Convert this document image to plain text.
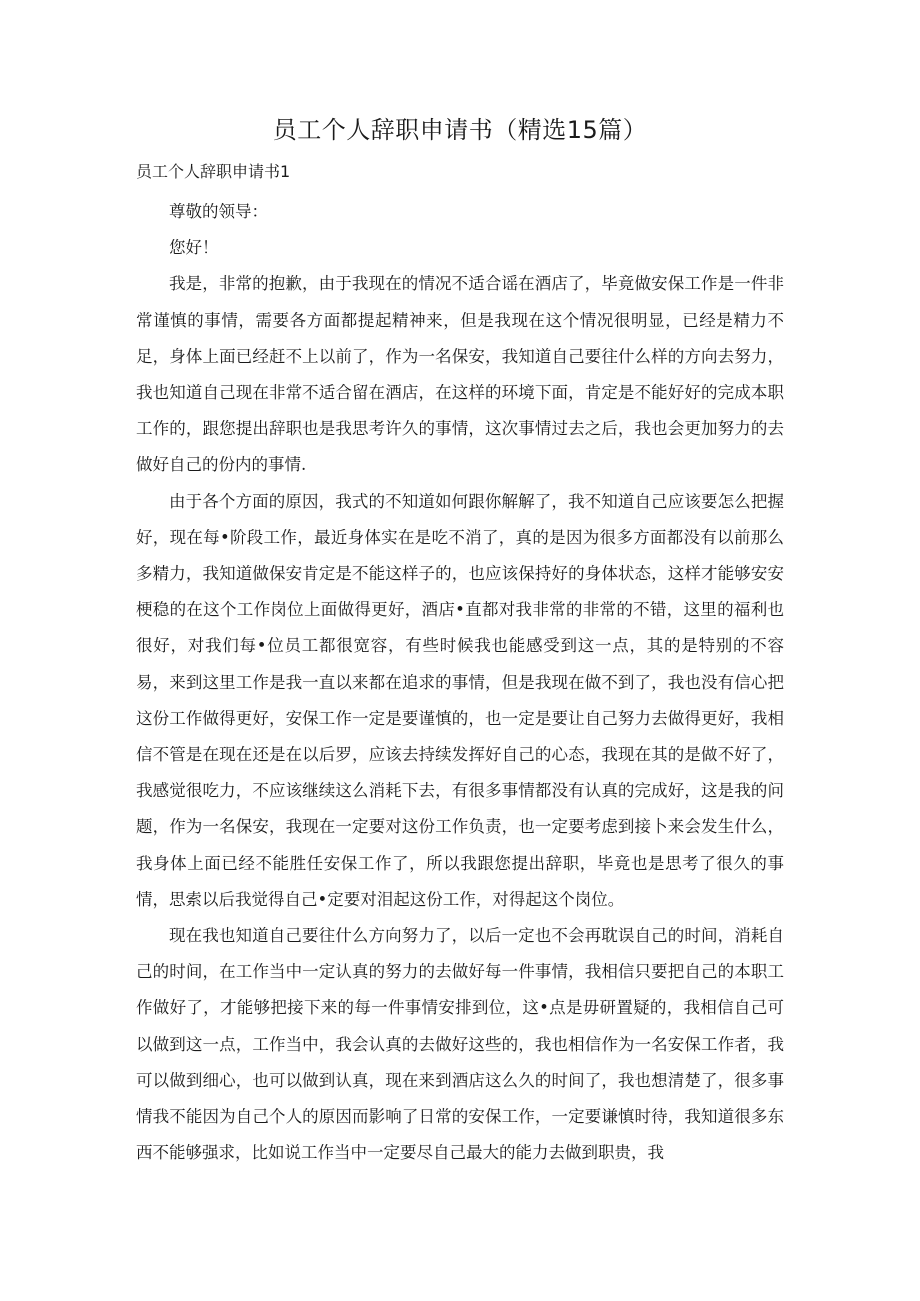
员工个人辞职申请书（精选15篇）
员工个人辞职申请书1

尊敬的领导：

您好！

我是，非常的抱歉，由于我现在的情况不适合谣在酒店了，毕竟做安保工作是一件非常谨慎的事情，需要各方面都提起精神来，但是我现在这个情况很明显，已经是精力不足，身体上面已经赶不上以前了，作为一名保安，我知道自己要往什么样的方向去努力，我也知道自己现在非常不适合留在酒店，在这样的环境下面，肯定是不能好好的完成本职工作的，跟您提出辞职也是我思考许久的事情，这次事情过去之后，我也会更加努力的去做好自己的份内的事情.

由于各个方面的原因，我式的不知道如何跟你解解了，我不知道自己应该要怎么把握好，现在每•阶段工作，最近身体实在是吃不消了，真的是因为很多方面都没有以前那么多精力，我知道做保安肯定是不能这样子的，也应该保持好的身体状态，这样才能够安安梗稳的在这个工作岗位上面做得更好，酒店•直都对我非常的非常的不错，这里的福利也很好，对我们每•位员工都很宽容，有些时候我也能感受到这一点，其的是特别的不容易，来到这里工作是我一直以来都在追求的事情，但是我现在做不到了，我也没有信心把这份工作做得更好，安保工作一定是要谨慎的，也一定是要让自己努力去做得更好，我相信不管是在现在还是在以后罗，应该去持续发挥好自己的心态，我现在其的是做不好了，我感觉很吃力，不应该继续这么消耗下去，有很多事情都没有认真的完成好，这是我的问题，作为一名保安，我现在一定要对这份工作负责，也一定要考虑到接卜来会发生什么，我身体上面已经不能胜任安保工作了，所以我跟您提出辞职，毕竟也是思考了很久的事情，思索以后我觉得自己•定要对泪起这份工作，对得起这个岗位。

现在我也知道自己要往什么方向努力了，以后一定也不会再耽误自己的时间，消耗自己的时间，在工作当中一定认真的努力的去做好每一件事情，我相信只要把自己的本职工作做好了，才能够把接下来的每一件事情安排到位，这•点是毋研置疑的，我相信自己可以做到这一点，工作当中，我会认真的去做好这些的，我也相信作为一名安保工作者，我可以做到细心，也可以做到认真，现在来到酒店这么久的时间了，我也想清楚了，很多事情我不能因为自己个人的原因而影响了日常的安保工作，一定要谦慎时待，我知道很多东西不能够强求，比如说工作当中一定要尽自己最大的能力去做到职贵，我
